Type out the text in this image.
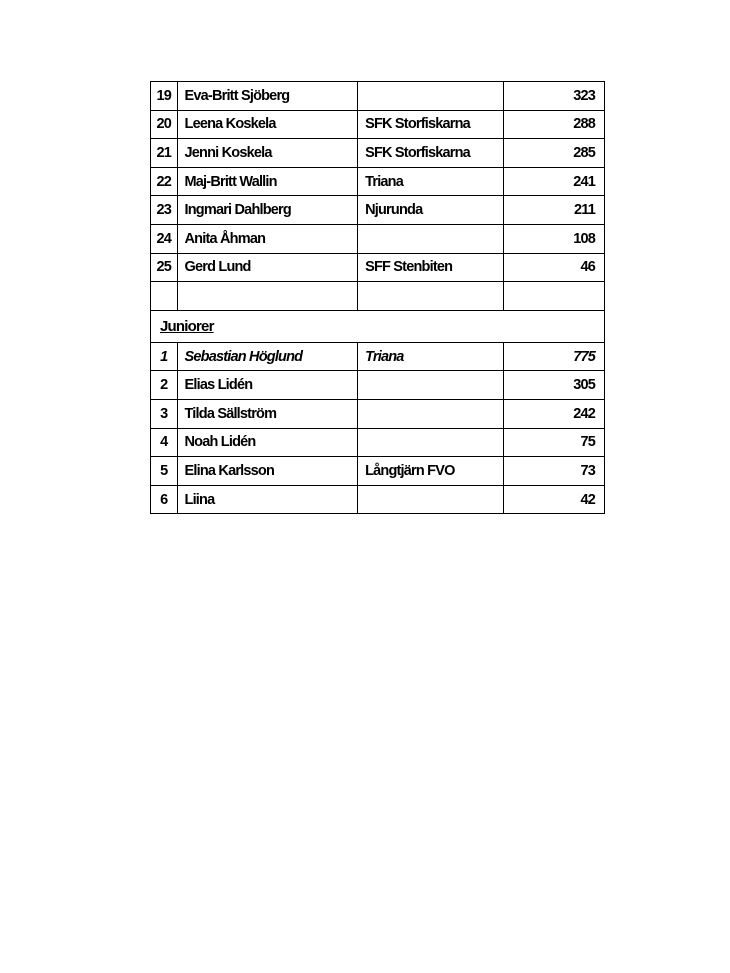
19	Eva-Britt Sjöberg		323
20	Leena Koskela	SFK Storfiskarna	288
21	Jenni Koskela	SFK Storfiskarna	285
22	Maj-Britt Wallin	Triana	241
23	Ingmari Dahlberg	Njurunda	211
24	Anita Åhman		108
25	Gerd Lund	SFF Stenbiten	46

Juniorer			
1	Sebastian Höglund	Triana	775
2	Elias Lidén		305
3	Tilda Sällström		242
4	Noah Lidén		75
5	Elina Karlsson	Långtjärn FVO	73
6	Liina		42
